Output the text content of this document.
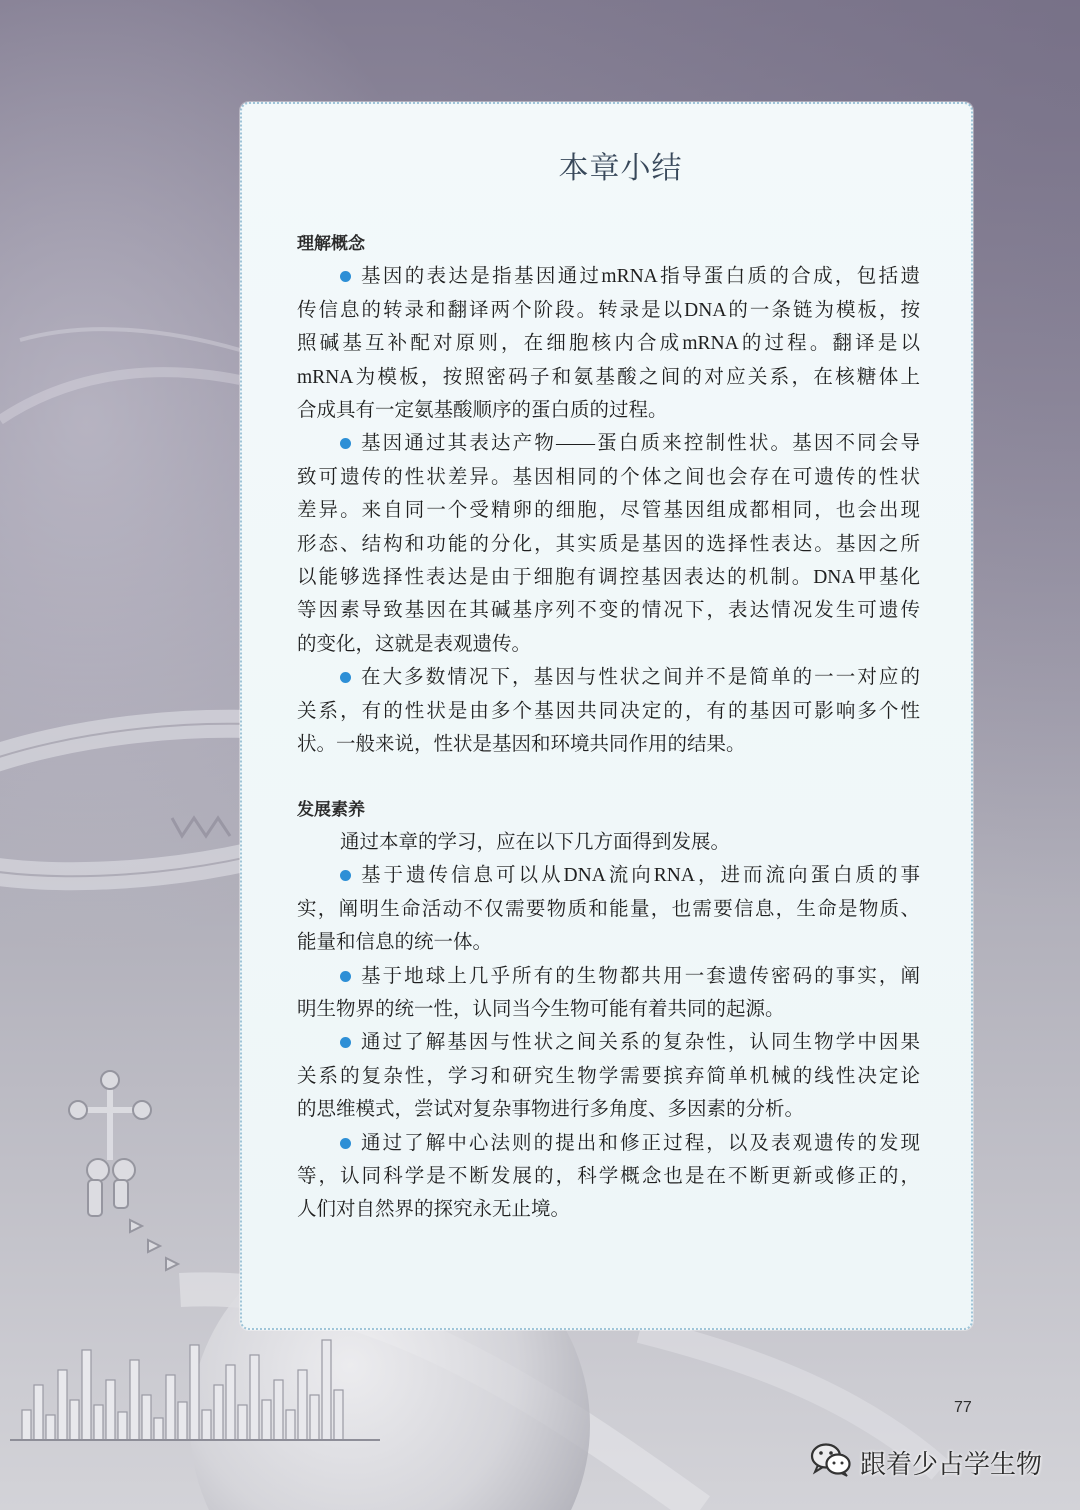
本章小结
理解概念
基因的表达是指基因通过mRNA指导蛋白质的合成，包括遗
传信息的转录和翻译两个阶段。转录是以DNA的一条链为模板，按
照碱基互补配对原则，在细胞核内合成mRNA的过程。翻译是以
mRNA为模板，按照密码子和氨基酸之间的对应关系，在核糖体上
合成具有一定氨基酸顺序的蛋白质的过程。
基因通过其表达产物——蛋白质来控制性状。基因不同会导
致可遗传的性状差异。基因相同的个体之间也会存在可遗传的性状
差异。来自同一个受精卵的细胞，尽管基因组成都相同，也会出现
形态、结构和功能的分化，其实质是基因的选择性表达。基因之所
以能够选择性表达是由于细胞有调控基因表达的机制。DNA甲基化
等因素导致基因在其碱基序列不变的情况下，表达情况发生可遗传
的变化，这就是表观遗传。
在大多数情况下，基因与性状之间并不是简单的一一对应的
关系，有的性状是由多个基因共同决定的，有的基因可影响多个性
状。一般来说，性状是基因和环境共同作用的结果。
发展素养
通过本章的学习，应在以下几方面得到发展。
基于遗传信息可以从DNA流向RNA，进而流向蛋白质的事
实，阐明生命活动不仅需要物质和能量，也需要信息，生命是物质、
能量和信息的统一体。
基于地球上几乎所有的生物都共用一套遗传密码的事实，阐
明生物界的统一性，认同当今生物可能有着共同的起源。
通过了解基因与性状之间关系的复杂性，认同生物学中因果
关系的复杂性，学习和研究生物学需要摈弃简单机械的线性决定论
的思维模式，尝试对复杂事物进行多角度、多因素的分析。
通过了解中心法则的提出和修正过程，以及表观遗传的发现
等，认同科学是不断发展的，科学概念也是在不断更新或修正的，
人们对自然界的探究永无止境。
77
跟着少占学生物
